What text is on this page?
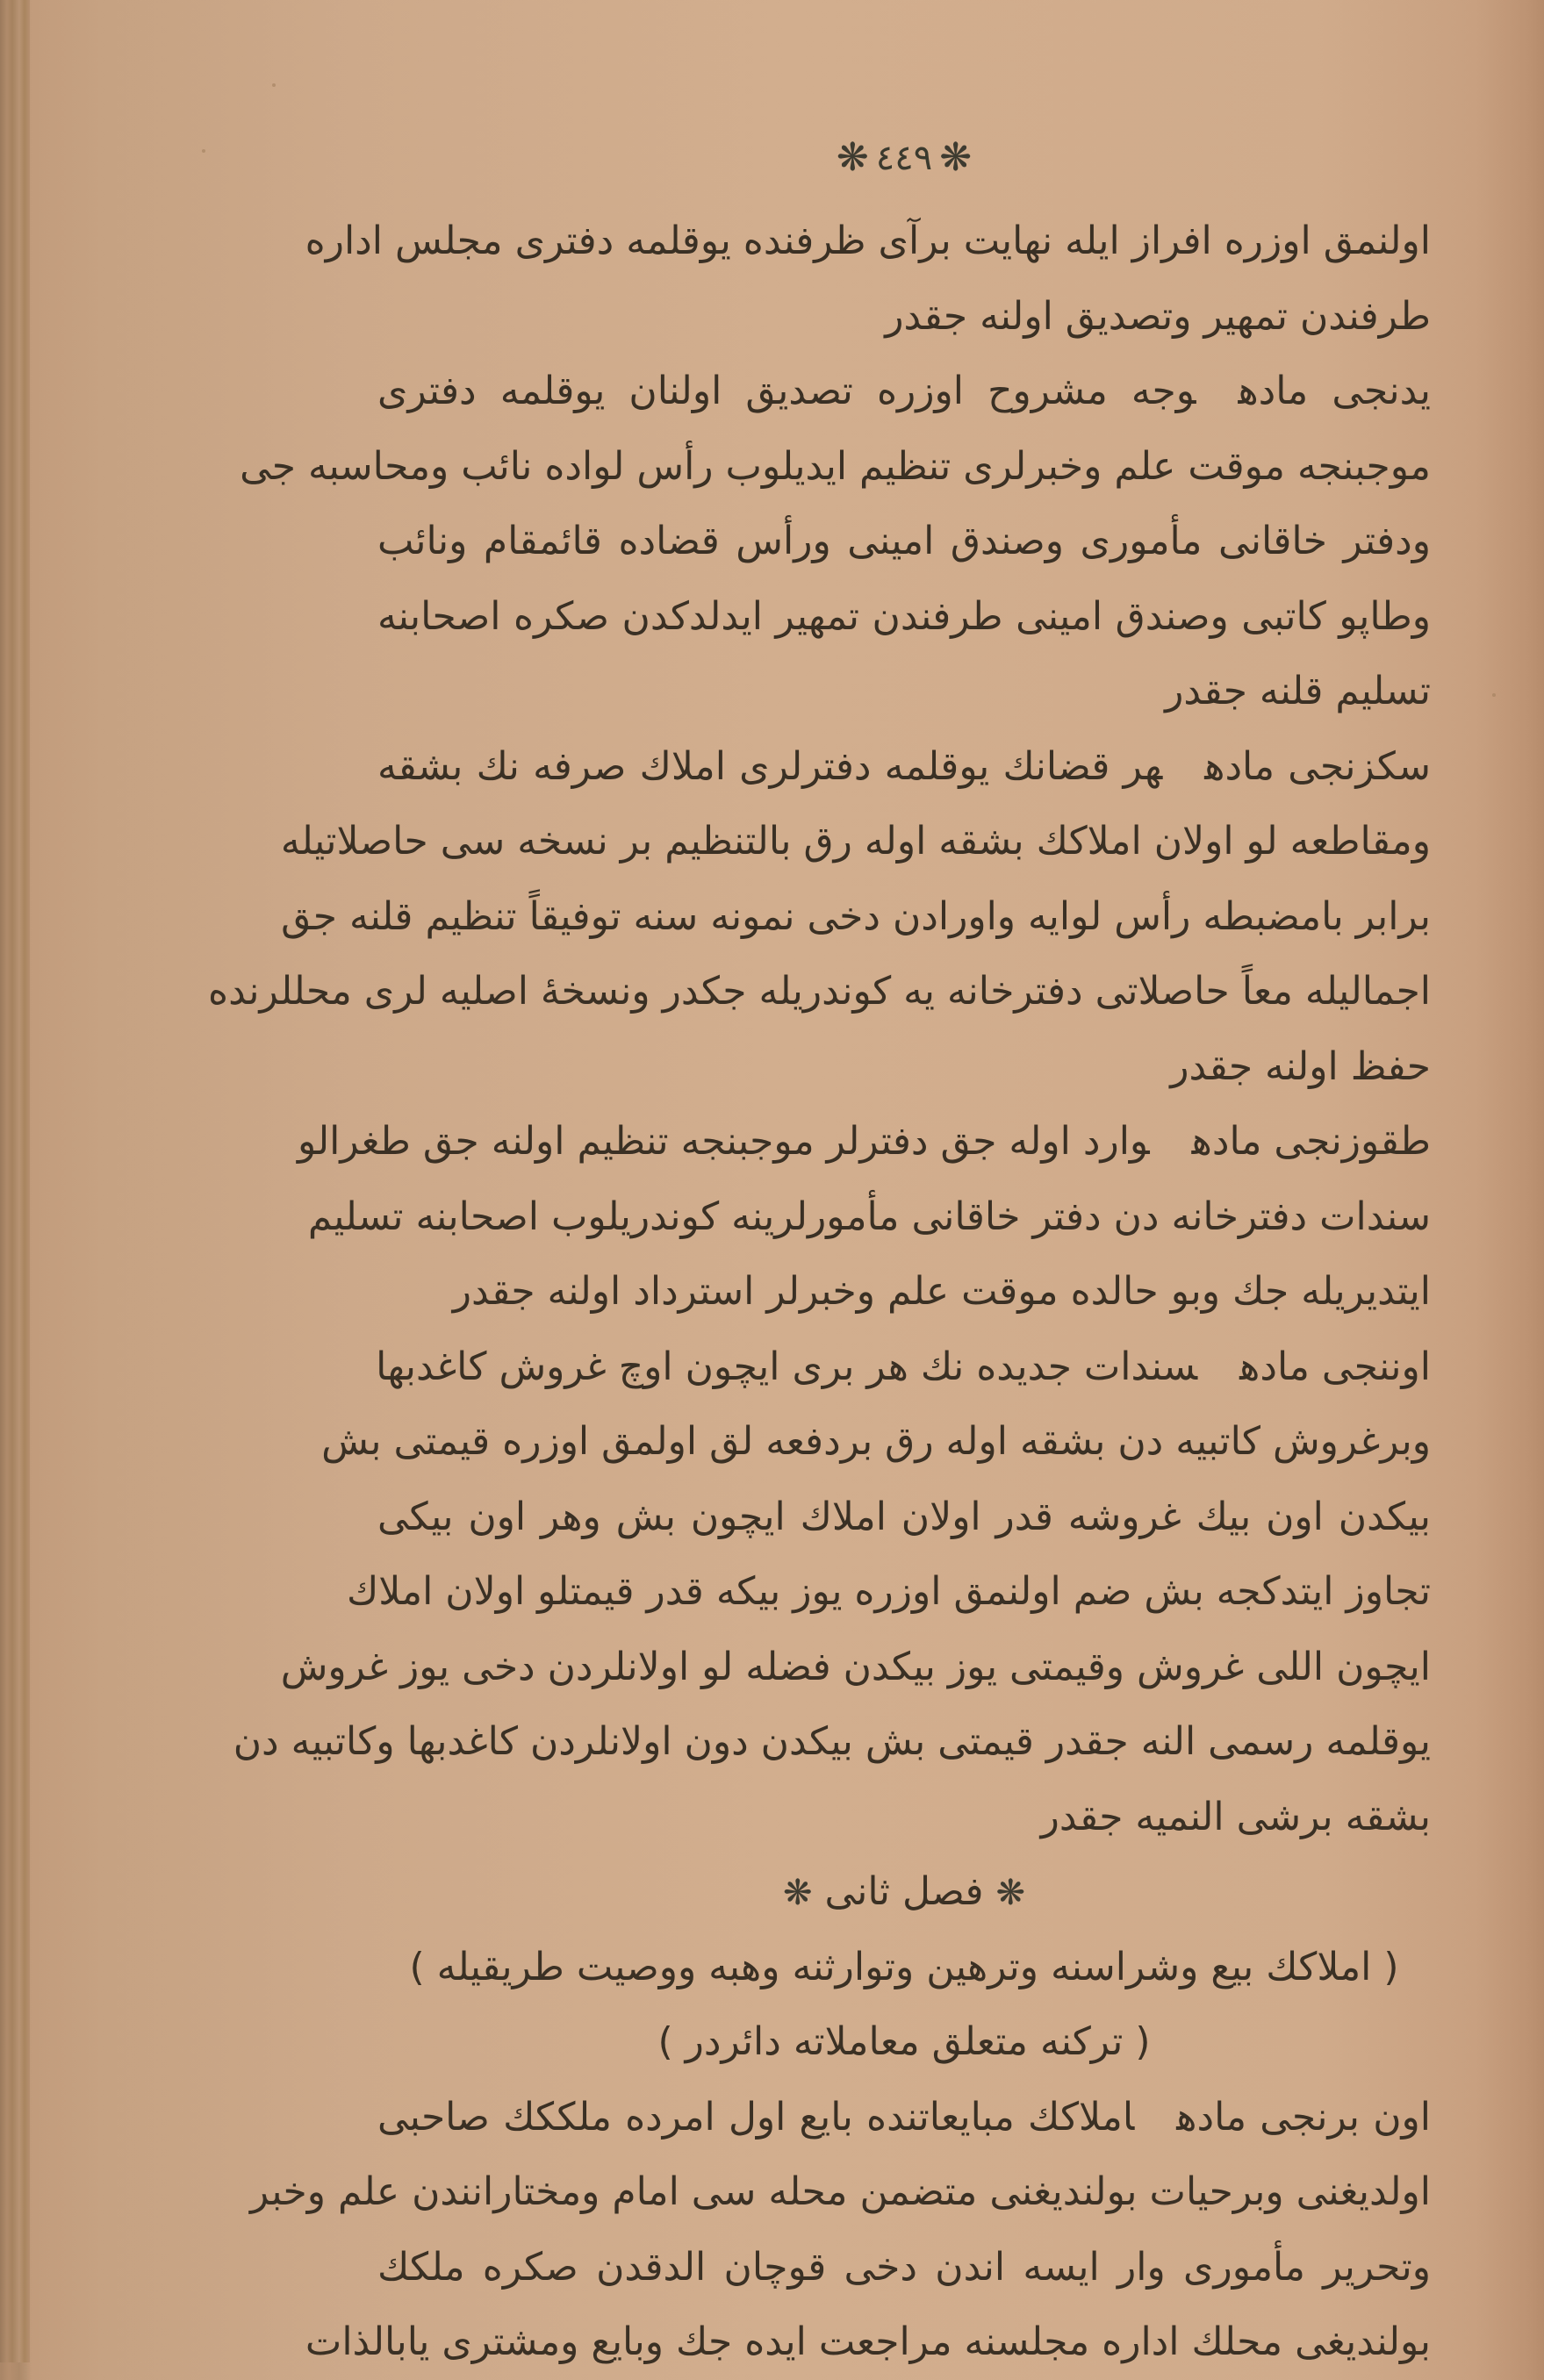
❋ ٤٤٩ ❋
اولنمق اوزره افراز ايله نهايت برآى ظرفنده يوقلمه دفترى مجلس اداره
طرفندن تمهير وتصديق اولنه جقدر
يدنجى مادهوجه مشروح اوزره تصديق اولنان يوقلمه دفترى
موجبنجه موقت علم وخبرلرى تنظيم ايديلوب رأس لواده نائب ومحاسبه جى
ودفتر خاقانى مأمورى وصندق امينى ورأس قضاده قائمقام ونائب
وطاپو كاتبى وصندق امينى طرفندن تمهير ايدلدكدن صكره اصحابنه
تسليم قلنه جقدر
سكزنجى مادههر قضانك يوقلمه دفترلرى املاك صرفه نك بشقه
ومقاطعه لو اولان املاكك بشقه اوله رق بالتنظيم بر نسخه سى حاصلاتيله
برابر بامضبطه رأس لوايه واورادن دخى نمونه سنه توفيقاً تنظيم قلنه جق
اجماليله معاً حاصلاتى دفترخانه يه كوندريله جكدر ونسخهٔ اصليه لرى محللرنده
حفظ اولنه جقدر
طقوزنجى مادهوارد اوله جق دفترلر موجبنجه تنظيم اولنه جق طغرالو
سندات دفترخانه دن دفتر خاقانى مأمورلرينه كوندريلوب اصحابنه تسليم
ايتديريله جك وبو حالده موقت علم وخبرلر استرداد اولنه جقدر
اوننجى مادهسندات جديده نك هر برى ايچون اوچ غروش كاغدبها
وبرغروش كاتبيه دن بشقه اوله رق بردفعه لق اولمق اوزره قيمتى بش
بيكدن اون بيك غروشه قدر اولان املاك ايچون بش وهر اون بيكى
تجاوز ايتدكجه بش ضم اولنمق اوزره يوز بيكه قدر قيمتلو اولان املاك
ايچون اللى غروش وقيمتى يوز بيكدن فضله لو اولانلردن دخى يوز غروش
يوقلمه رسمى النه جقدر قيمتى بش بيكدن دون اولانلردن كاغدبها وكاتبيه دن
بشقه برشى النميه جقدر
❋فصل ثانى❋
( املاكك بيع وشراسنه وترهين وتوارثنه وهبه ووصيت طريقيله )
( تركنه متعلق معاملاته دائردر )
اون برنجى مادهاملاكك مبايعاتنده بايع اول امرده ملككك صاحبى
اولديغنى وبرحيات بولنديغنى متضمن محله سى امام ومختارانندن علم وخبر
وتحرير مأمورى وار ايسه اندن دخى قوچان الدقدن صكره ملكك
بولنديغى محلك اداره مجلسنه مراجعت ايده جك وبايع ومشترى يابالذات
